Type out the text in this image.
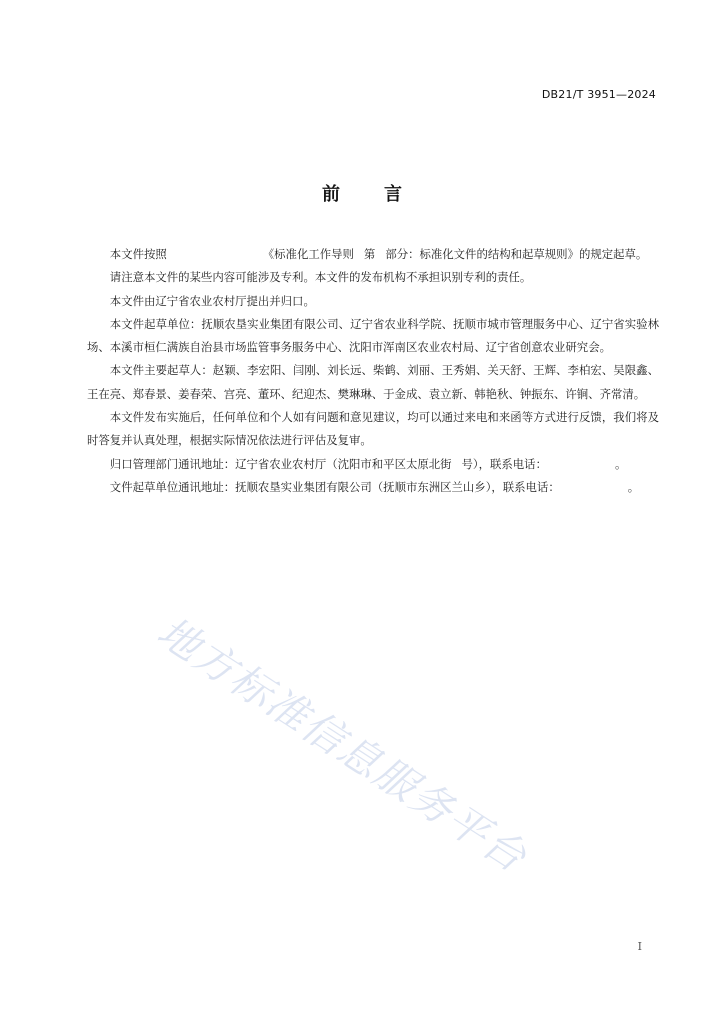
DB21/T 3951—2024
前 言

本文件按照	《标准化工作导则 第 部分：标准化文件的结构和起草规则》的规定起草。

请注意本文件的某些内容可能涉及专利。本文件的发布机构不承担识别专利的责任。

本文件由辽宁省农业农村厅提出并归口。

本文件起草单位：抚顺农垦实业集团有限公司、辽宁省农业科学院、抚顺市城市管理服务中心、辽宁省实验林场、本溪市桓仁满族自治县市场监管事务服务中心、沈阳市浑南区农业农村局、辽宁省创意农业研究会。

本文件主要起草人：赵颖、李宏阳、闫刚、刘长远、柴鹤、刘丽、王秀娟、关天舒、王辉、李柏宏、吴限鑫、王在亮、郑春景、姜春荣、宫亮、董环、纪迎杰、樊琳琳、于金成、袁立新、韩艳秋、钟振东、许锏、齐常清。

本文件发布实施后，任何单位和个人如有问题和意见建议，均可以通过来电和来函等方式进行反馈，我们将及时答复并认真处理，根据实际情况依法进行评估及复审。

归口管理部门通讯地址：辽宁省农业农村厅（沈阳市和平区太原北街 号），联系电话：	。

文件起草单位通讯地址：抚顺农垦实业集团有限公司（抚顺市东洲区兰山乡），联系电话：	。

地方标准信息服务平台
I
